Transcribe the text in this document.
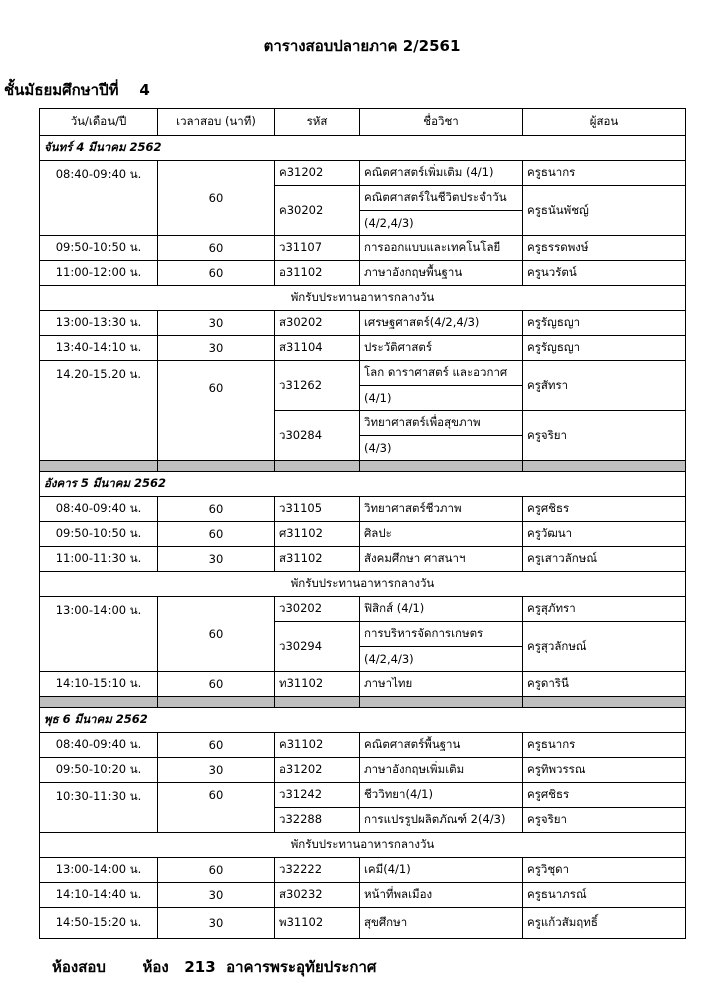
ตารางสอบปลายภาค 2/2561
ชั้นมัธยมศึกษาปีที่    4
วัน/เดือน/ปี	เวลาสอบ (นาที)	รหัส	ชื่อวิชา	ผู้สอน
จันทร์ 4 มีนาคม 2562				
08:40-09:40 น.	60	ค31202	คณิตศาสตร์เพิ่มเติม (4/1)	ครูธนากร
		ค30202	คณิตศาสตร์ในชีวิตประจำวัน	ครูธนันพัชญ์
			(4/2,4/3)	
09:50-10:50 น.	60	ว31107	การออกแบบและเทคโนโลยี	ครูธรรดพงษ์
11:00-12:00 น.	60	อ31102	ภาษาอังกฤษพื้นฐาน	ครูนวรัตน์
พักรับประทานอาหารกลางวัน				
13:00-13:30 น.	30	ส30202	เศรษฐศาสตร์(4/2,4/3)	ครูรัญธญา
13:40-14:10 น.	30	ส31104	ประวัติศาสตร์	ครูรัญธญา
14.20-15.20 น.	60	ว31262	โลก ดาราศาสตร์ และอวกาศ	ครูสัทรา
			(4/1)	
		ว30284	วิทยาศาสตร์เพื่อสุขภาพ	ครูจริยา
			(4/3)	

อังคาร 5 มีนาคม 2562				
08:40-09:40 น.	60	ว31105	วิทยาศาสตร์ชีวภาพ	ครูศชิธร
09:50-10:50 น.	60	ศ31102	ศิลปะ	ครูวัฒนา
11:00-11:30 น.	30	ส31102	สังคมศึกษา ศาสนาฯ	ครูเสาวลักษณ์
พักรับประทานอาหารกลางวัน				
13:00-14:00 น.	60	ว30202	ฟิสิกส์ (4/1)	ครูสุภัทรา
		ว30294	การบริหารจัดการเกษตร	ครูสุวลักษณ์
			(4/2,4/3)	
14:10-15:10 น.	60	ท31102	ภาษาไทย	ครูดารินี

พุธ 6 มีนาคม 2562				
08:40-09:40 น.	60	ค31102	คณิตศาสตร์พื้นฐาน	ครูธนากร
09:50-10:20 น.	30	อ31202	ภาษาอังกฤษเพิ่มเติม	ครูทิพวรรณ
10:30-11:30 น.	60	ว31242	ชีววิทยา(4/1)	ครูศชิธร
		ว32288	การแปรรูปผลิตภัณฑ์ 2(4/3)	ครูจริยา
พักรับประทานอาหารกลางวัน				
13:00-14:00 น.	60	ว32222	เคมี(4/1)	ครูวิชุดา
14:10-14:40 น.	30	ส30232	หน้าที่พลเมือง	ครูธนาภรณ์
14:50-15:20 น.	30	พ31102	สุขศึกษา	ครูแก้วสัมฤทธิ์
ห้องสอบ       ห้อง   213  อาคารพระอุทัยประกาศ
